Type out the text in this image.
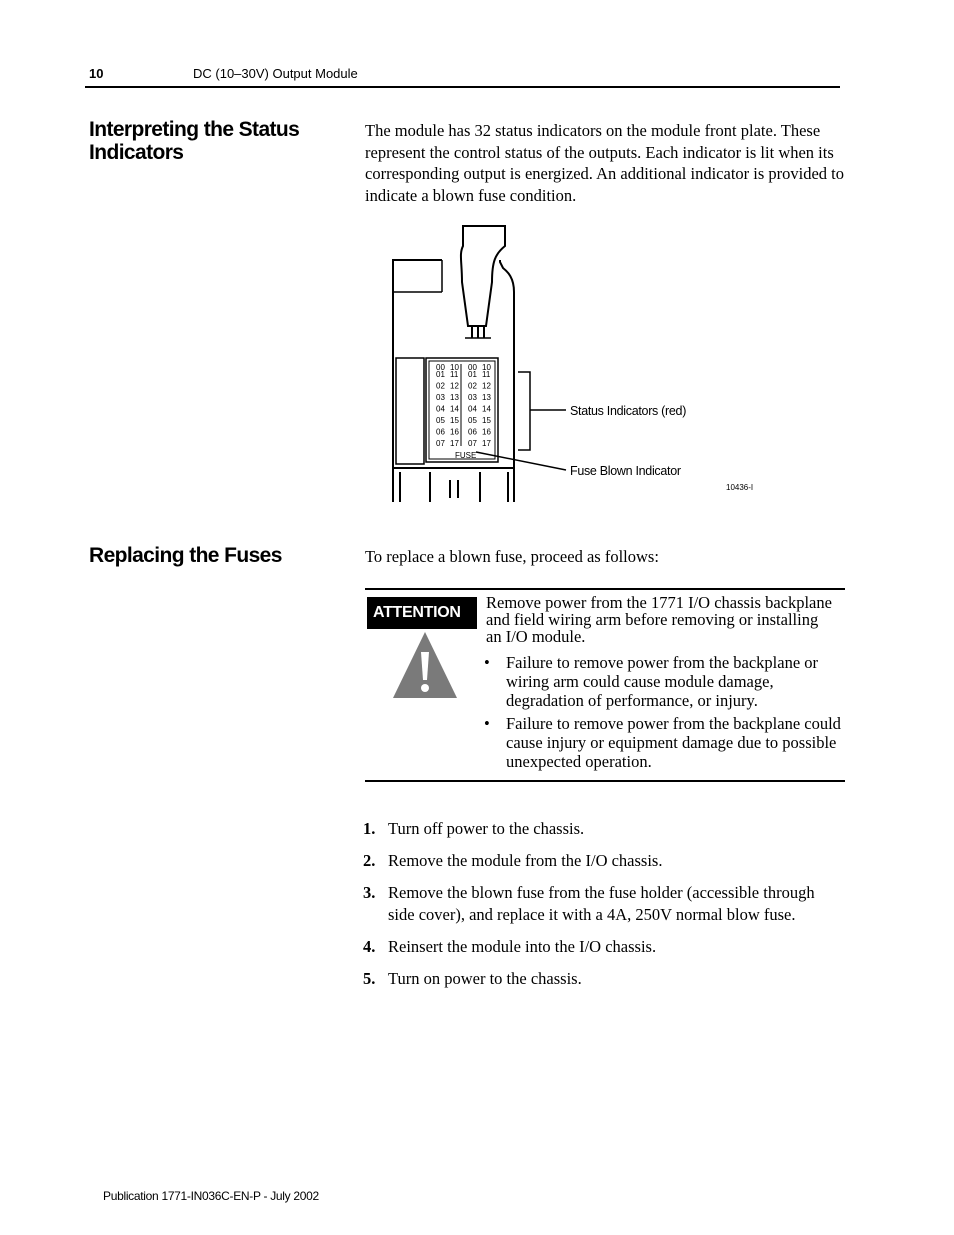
10	DC (10–30V) Output Module
Interpreting the Status Indicators
The module has 32 status indicators on the module front plate. These represent the control status of the outputs. Each indicator is lit when its corresponding output is energized. An additional indicator is provided to indicate a blown fuse condition.
00 10 00 10
01 11 01 11
02 12 02 12
03 13 03 13
04 14 04 14
05 15 05 15
06 16 06 16
07 17 07 17
FUSE
Status Indicators (red)
Fuse Blown Indicator
10436-I
Replacing the Fuses	To replace a blown fuse, proceed as follows:
ATTENTION
Remove power from the 1771 I/O chassis backplane and field wiring arm before removing or installing an I/O module.
• Failure to remove power from the backplane or wiring arm could cause module damage, degradation of performance, or injury.
• Failure to remove power from the backplane could cause injury or equipment damage due to possible unexpected operation.
1. Turn off power to the chassis.
2. Remove the module from the I/O chassis.
3. Remove the blown fuse from the fuse holder (accessible through side cover), and replace it with a 4A, 250V normal blow fuse.
4. Reinsert the module into the I/O chassis.
5. Turn on power to the chassis.
Publication 1771-IN036C-EN-P - July 2002
